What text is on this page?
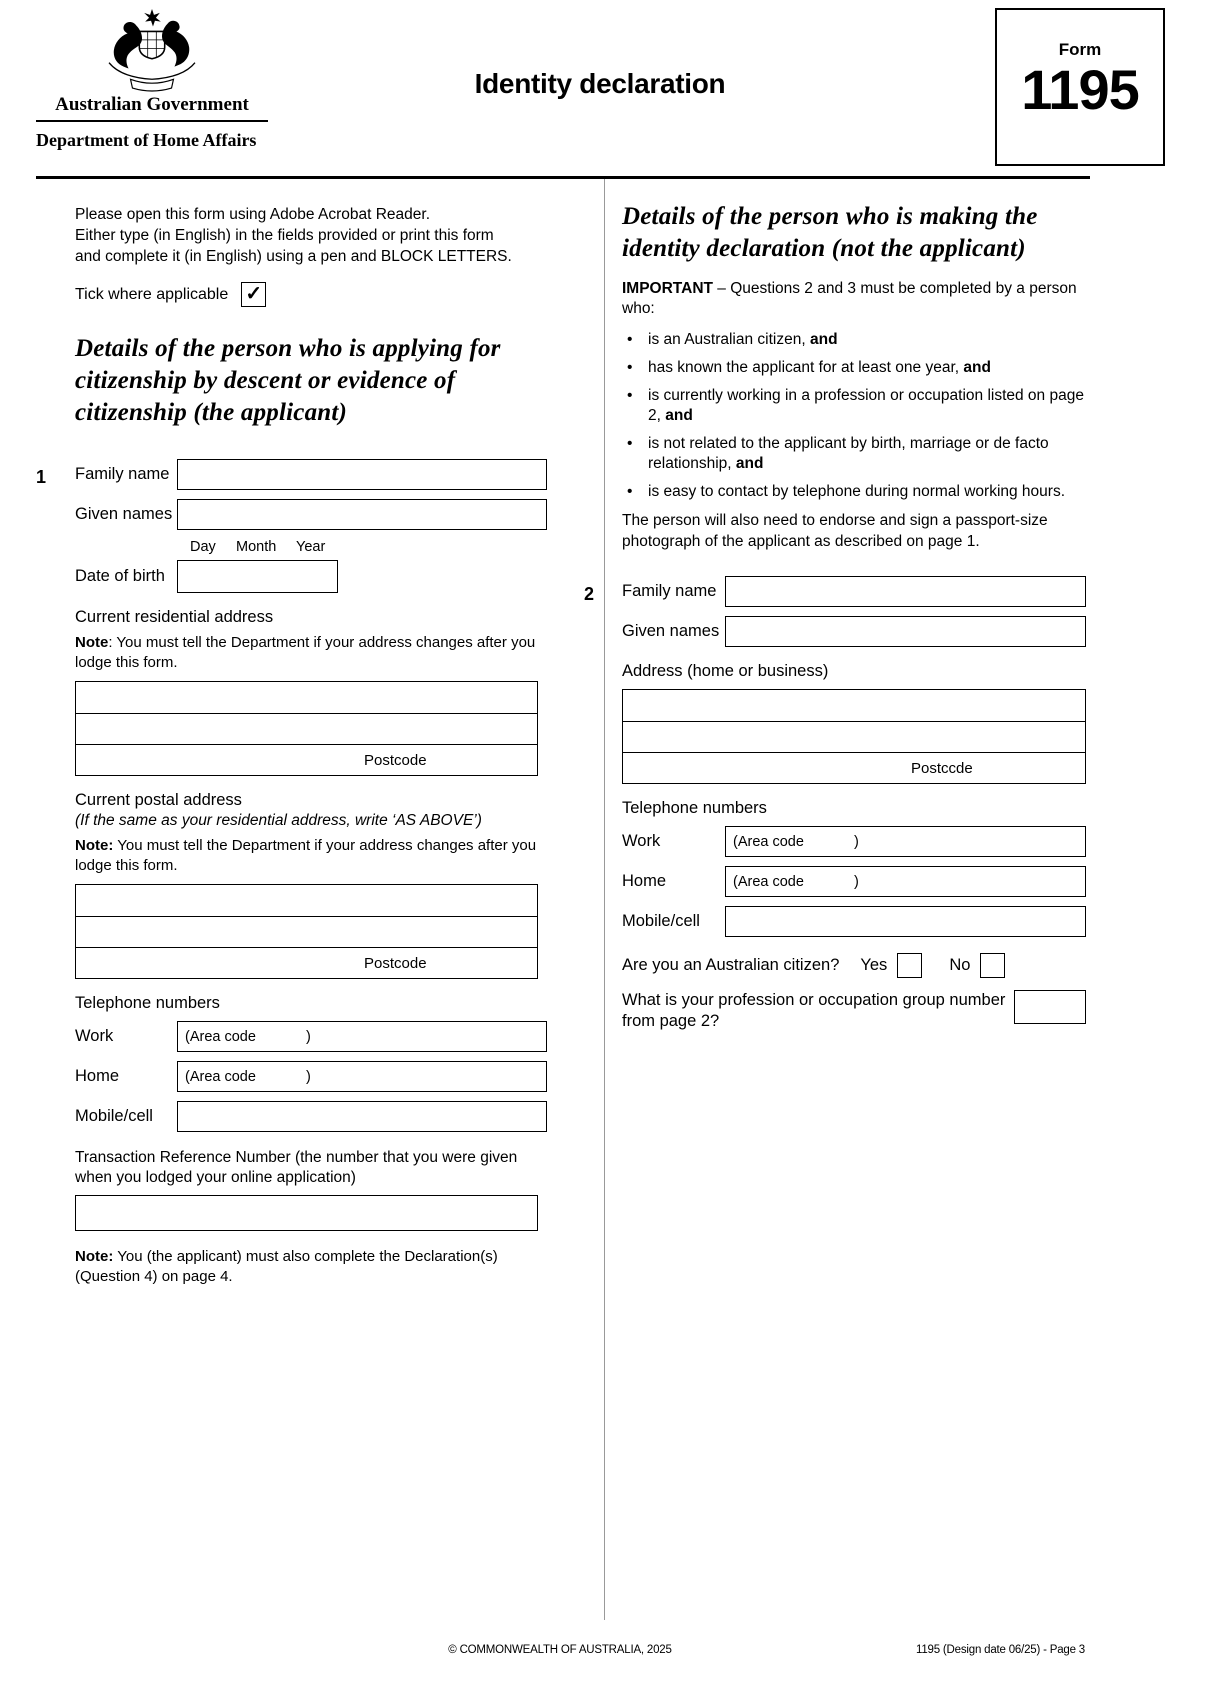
Australian Government
Department of Home Affairs
Identity declaration
Form
1195
Please open this form using Adobe Acrobat Reader.
Either type (in English) in the fields provided or print this form
and complete it (in English) using a pen and BLOCK LETTERS.
Tick where applicable ✓
Details of the person who is applying for citizenship by descent or evidence of citizenship (the applicant)
1	Family name
Given names
Day Month Year
Date of birth
Current residential address

Note: You must tell the Department if your address changes after you lodge this form.

Postcode
Current postal address
(If the same as your residential address, write ‘AS ABOVE’)

Note: You must tell the Department if your address changes after you lodge this form.

Postcode
Telephone numbers
Work	(Area code	)
Home	(Area code	)
Mobile/cell

Transaction Reference Number (the number that you were given when you lodged your online application)

Note: You (the applicant) must also complete the Declaration(s) (Question 4) on page 4.

Details of the person who is making the identity declaration (not the applicant)

IMPORTANT – Questions 2 and 3 must be completed by a person who:

•	is an Australian citizen, and
•	has known the applicant for at least one year, and
•	is currently working in a profession or occupation listed on page 2, and
•	is not related to the applicant by birth, marriage or de facto relationship, and
•	is easy to contact by telephone during normal working hours.

The person will also need to endorse and sign a passport-size photograph of the applicant as described on page 1.

2	Family name
Given names
Address (home or business)
Postccde
Telephone numbers
Work	(Area code	)
Home	(Area code	)
Mobile/cell
Are you an Australian citizen? Yes	No
What is your profession or occupation group number from page 2?
© COMMONWEALTH OF AUSTRALIA, 2025	1195 (Design date 06/25) - Page 3
